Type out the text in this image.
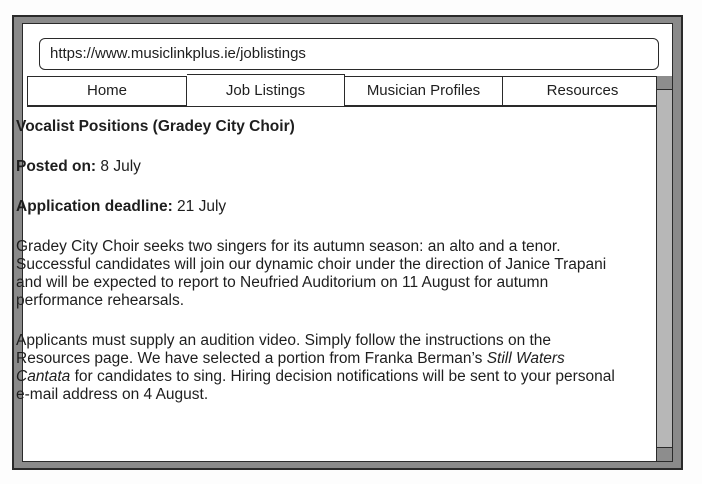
https://www.musiclinkplus.ie/joblistings
Home	Job Listings	Musician Profiles	Resources

Vocalist Positions (Gradey City Choir)

Posted on: 8 July

Application deadline: 21 July

Gradey City Choir seeks two singers for its autumn season: an alto and a tenor. Successful candidates will join our dynamic choir under the direction of Janice Trapani and will be expected to report to Neufried Auditorium on 11 August for autumn performance rehearsals.

Applicants must supply an audition video. Simply follow the instructions on the Resources page. We have selected a portion from Franka Berman’s Still Waters Cantata for candidates to sing. Hiring decision notifications will be sent to your personal e-mail address on 4 August.
